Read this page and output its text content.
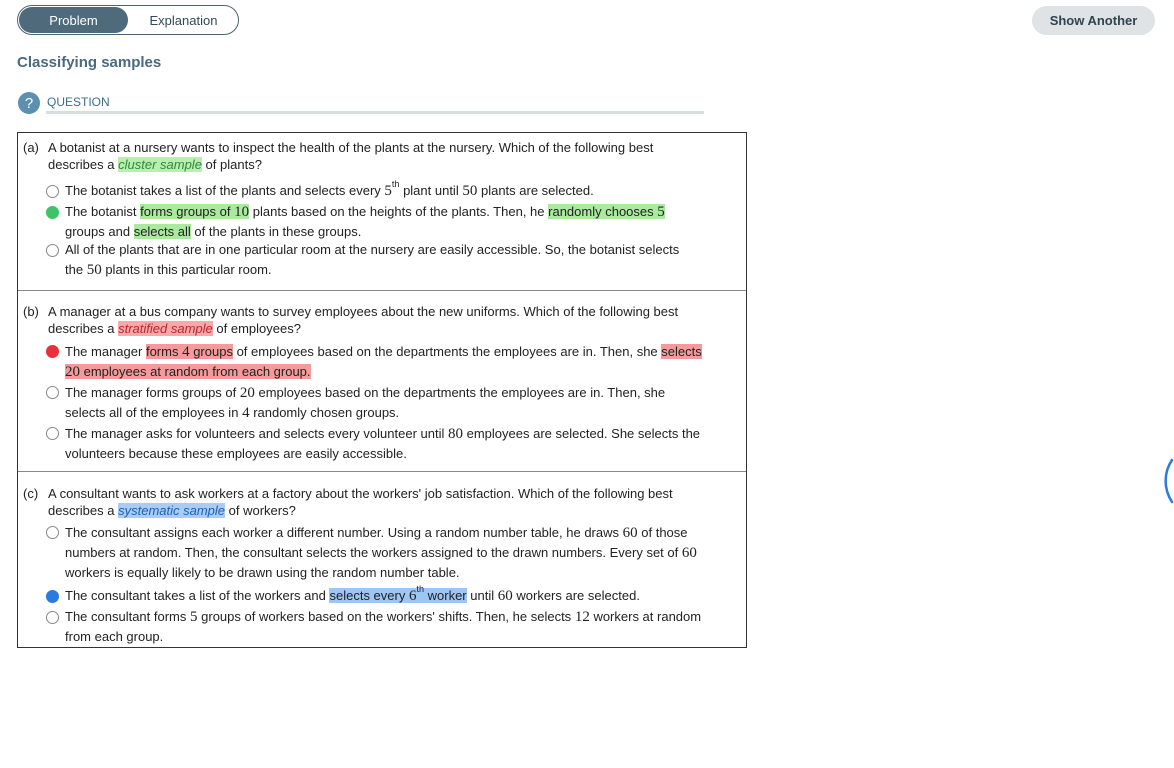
Problem	Explanation	Show Another
Classifying samples
?	QUESTION
(a) A botanist at a nursery wants to inspect the health of the plants at the nursery. Which of the following best
describes a cluster sample of plants?
The botanist takes a list of the plants and selects every 5th plant until 50 plants are selected.
The botanist forms groups of 10 plants based on the heights of the plants. Then, he randomly chooses 5
groups and selects all of the plants in these groups.
All of the plants that are in one particular room at the nursery are easily accessible. So, the botanist selects
the 50 plants in this particular room.
(b) A manager at a bus company wants to survey employees about the new uniforms. Which of the following best
describes a stratified sample of employees?
The manager forms 4 groups of employees based on the departments the employees are in. Then, she selects
20 employees at random from each group.
The manager forms groups of 20 employees based on the departments the employees are in. Then, she
selects all of the employees in 4 randomly chosen groups.
The manager asks for volunteers and selects every volunteer until 80 employees are selected. She selects the
volunteers because these employees are easily accessible.
(c) A consultant wants to ask workers at a factory about the workers' job satisfaction. Which of the following best
describes a systematic sample of workers?
The consultant assigns each worker a different number. Using a random number table, he draws 60 of those
numbers at random. Then, the consultant selects the workers assigned to the drawn numbers. Every set of 60
workers is equally likely to be drawn using the random number table.
The consultant takes a list of the workers and selects every 6th worker until 60 workers are selected.
The consultant forms 5 groups of workers based on the workers' shifts. Then, he selects 12 workers at random
from each group.
